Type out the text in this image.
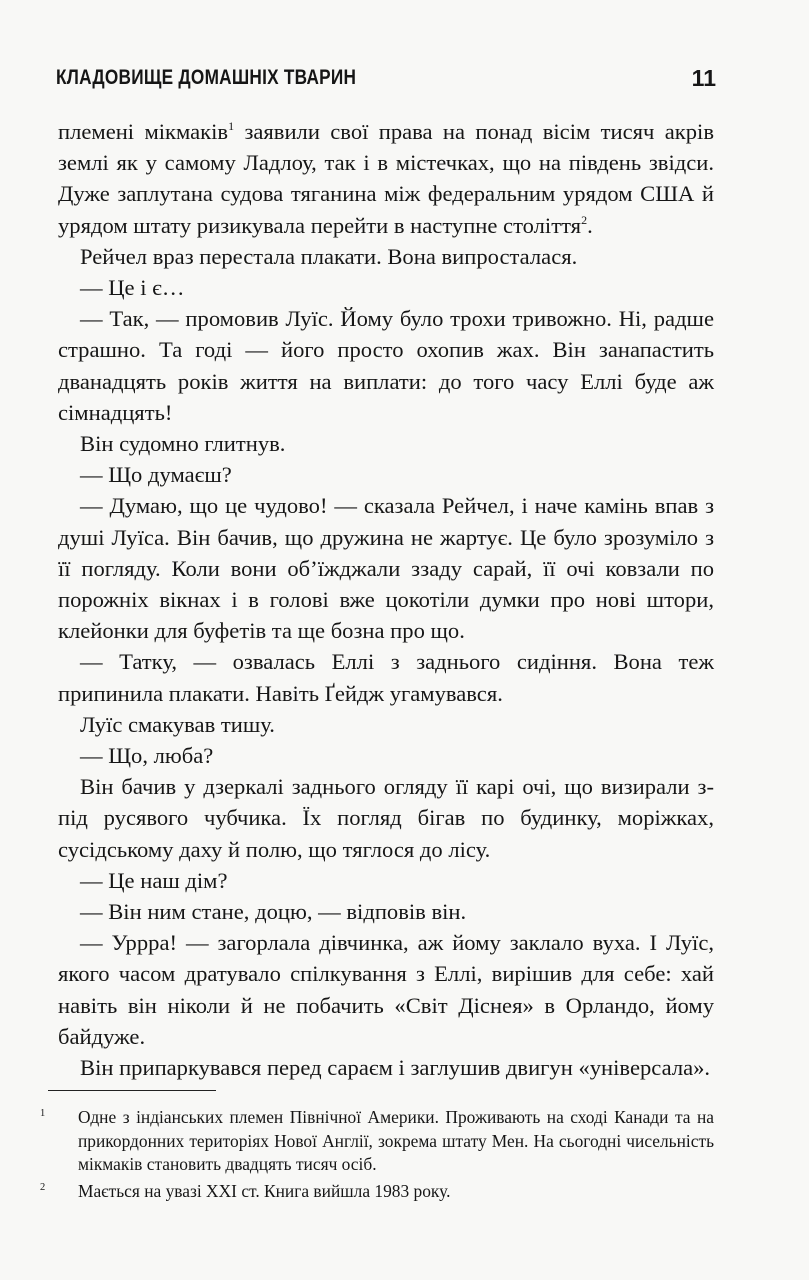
КЛАДОВИЩЕ ДОМАШНІХ ТВАРИН	11

племені мікмаків$^1$ заявили свої права на понад вісім тисяч акрів землі як у самому Ладлоу, так і в містечках, що на південь звідси. Дуже заплутана судова тяганина між федеральним урядом США й урядом штату ризикувала перейти в наступне століття$^2$.

Рейчел враз перестала плакати. Вона випросталася.

— Це і є…

— Так, — промовив Луїс. Йому було трохи тривожно. Ні, радше страшно. Та годі — його просто охопив жах. Він занапастить дванадцять років життя на виплати: до того часу Еллі буде аж сімнадцять!

Він судомно глитнув.

— Що думаєш?

— Думаю, що це чудово! — сказала Рейчел, і наче камінь впав з душі Луїса. Він бачив, що дружина не жартує. Це було зрозуміло з її погляду. Коли вони об’їжджали ззаду сарай, її очі ковзали по порожніх вікнах і в голові вже цокотіли думки про нові штори, клейонки для буфетів та ще бозна про що.

— Татку, — озвалась Еллі з заднього сидіння. Вона теж припинила плакати. Навіть Ґейдж угамувався.

Луїс смакував тишу.

— Що, люба?

Він бачив у дзеркалі заднього огляду її карі очі, що визирали з-під русявого чубчика. Їх погляд бігав по будинку, моріжках, сусідському даху й полю, що тяглося до лісу.

— Це наш дім?

— Він ним стане, доцю, — відповів він.

— Уррра! — загорлала дівчинка, аж йому заклало вуха. І Луїс, якого часом дратувало спілкування з Еллі, вирішив для себе: хай навіть він ніколи й не побачить «Світ Діснея» в Орландо, йому байдуже.

Він припаркувався перед сараєм і заглушив двигун «універсала».

1	Одне з індіанських племен Північної Америки. Проживають на сході Канади та на прикордонних територіях Нової Англії, зокрема штату Мен. На сьогодні чисельність мікмаків становить двадцять тисяч осіб.
2	Мається на увазі XXI ст. Книга вийшла 1983 року.
